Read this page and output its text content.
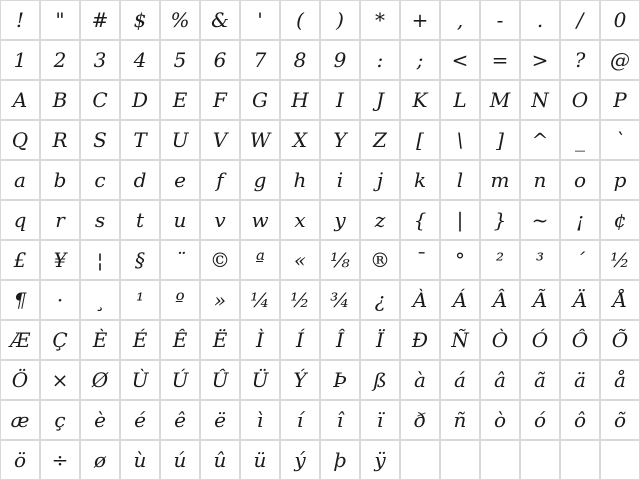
!	"	#	$	%	&	'	(	)	*	+	,	-	.	/	0
1	2	3	4	5	6	7	8	9	:	;	<	=	>	?	@
A	B	C	D	E	F	G	H	I	J	K	L	M	N	O	P
Q	R	S	T	U	V	W	X	Y	Z	[	\	]	^	_	`
a	b	c	d	e	f	g	h	i	j	k	l	m	n	o	p
q	r	s	t	u	v	w	x	y	z	{	|	}	~	¡	¢
£	¥	¦	§	¨	©	ª	«	⅛	®	¯	°	²	³	´	½
¶	·	¸	¹	º	»	¼	½	¾	¿	À	Á	Â	Ã	Ä	Å
Æ	Ç	È	É	Ê	Ë	Ì	Í	Î	Ï	Ð	Ñ	Ò	Ó	Ô	Õ
Ö	×	Ø	Ù	Ú	Û	Ü	Ý	Þ	ß	à	á	â	ã	ä	å
æ	ç	è	é	ê	ë	ì	í	î	ï	ð	ñ	ò	ó	ô	õ
ö	÷	ø	ù	ú	û	ü	ý	þ	ÿ
